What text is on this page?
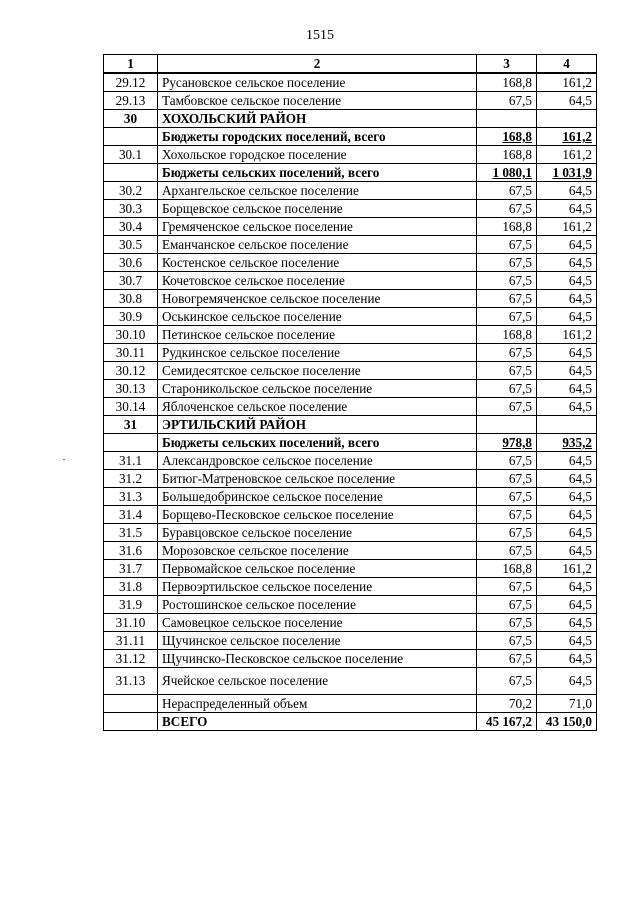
1515
1	2	3	4
29.12	Русановское сельское поселение	168,8	161,2
29.13	Тамбовское сельское поселение	67,5	64,5
30	ХОХОЛЬСКИЙ РАЙОН		
	Бюджеты городских поселений, всего	168,8	161,2
30.1	Хохольское городское поселение	168,8	161,2
	Бюджеты сельских поселений, всего	1 080,1	1 031,9
30.2	Архангельское сельское поселение	67,5	64,5
30.3	Борщевское сельское поселение	67,5	64,5
30.4	Гремяченское сельское поселение	168,8	161,2
30.5	Еманчанское сельское поселение	67,5	64,5
30.6	Костенское сельское поселение	67,5	64,5
30.7	Кочетовское сельское поселение	67,5	64,5
30.8	Новогремяченское сельское поселение	67,5	64,5
30.9	Оськинское сельское поселение	67,5	64,5
30.10	Петинское сельское поселение	168,8	161,2
30.11	Рудкинское сельское поселение	67,5	64,5
30.12	Семидесятское сельское поселение	67,5	64,5
30.13	Староникольское сельское поселение	67,5	64,5
30.14	Яблоченское сельское поселение	67,5	64,5
31	ЭРТИЛЬСКИЙ РАЙОН		
	Бюджеты сельских поселений, всего	978,8	935,2
31.1	Александровское сельское поселение	67,5	64,5
31.2	Битюг-Матреновское сельское поселение	67,5	64,5
31.3	Большедобринское сельское поселение	67,5	64,5
31.4	Борщево-Песковское сельское поселение	67,5	64,5
31.5	Буравцовское сельское поселение	67,5	64,5
31.6	Морозовское сельское поселение	67,5	64,5
31.7	Первомайское сельское поселение	168,8	161,2
31.8	Первоэртильское сельское поселение	67,5	64,5
31.9	Ростошинское сельское поселение	67,5	64,5
31.10	Самовецкое сельское поселение	67,5	64,5
31.11	Щучинское сельское поселение	67,5	64,5
31.12	Щучинско-Песковское сельское поселение	67,5	64,5
31.13	Ячейское сельское поселение	67,5	64,5
	Нераспределенный объем	70,2	71,0
	ВСЕГО	45 167,2	43 150,0
